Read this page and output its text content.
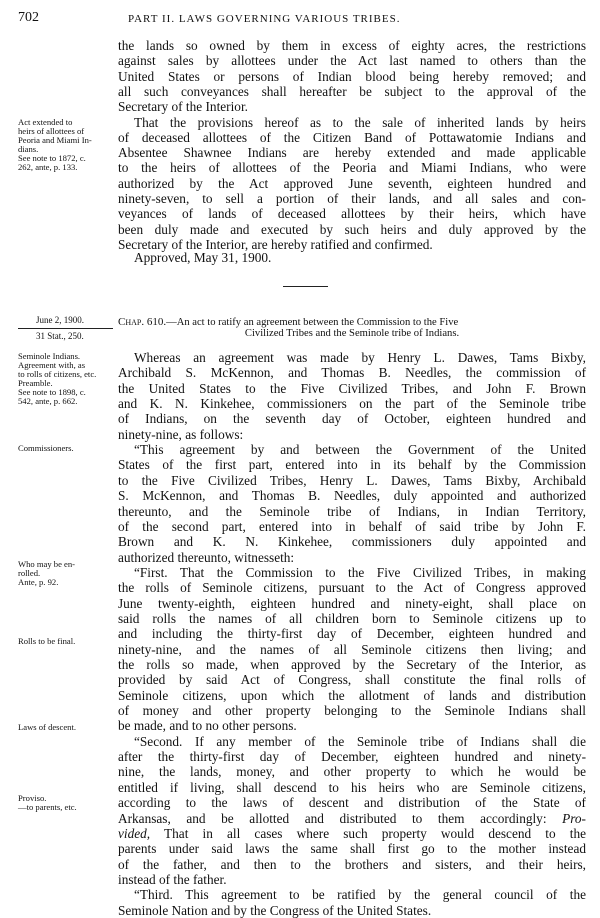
702	PART II. LAWS GOVERNING VARIOUS TRIBES.
the lands so owned by them in excess of eighty acres, the restrictions
against sales by allottees under the Act last named to others than the
United States or persons of Indian blood being hereby removed; and
all such conveyances shall hereafter be subject to the approval of the
Secretary of the Interior.
That the provisions hereof as to the sale of inherited lands by heirs
of deceased allottees of the Citizen Band of Pottawatomie Indians and
Absentee Shawnee Indians are hereby extended and made applicable
to the heirs of allottees of the Peoria and Miami Indians, who were
authorized by the Act approved June seventh, eighteen hundred and
ninety-seven, to sell a portion of their lands, and all sales and con-
veyances of lands of deceased allottees by their heirs, which have
been duly made and executed by such heirs and duly approved by the
Secretary of the Interior, are hereby ratified and confirmed.
Approved, May 31, 1900.
Act extended to
heirs of allottees of
Peoria and Miami In-
dians.
See note to 1872, c.
262, ante, p. 133.
June 2, 1900.
31 Stat., 250.
Chap. 610.—An act to ratify an agreement between the Commission to the Five
Civilized Tribes and the Seminole tribe of Indians.
Whereas an agreement was made by Henry L. Dawes, Tams Bixby,
Archibald S. McKennon, and Thomas B. Needles, the commission of
the United States to the Five Civilized Tribes, and John F. Brown
and K. N. Kinkehee, commissioners on the part of the Seminole tribe
of Indians, on the seventh day of October, eighteen hundred and
ninety-nine, as follows:
“This agreement by and between the Government of the United
States of the first part, entered into in its behalf by the Commission
to the Five Civilized Tribes, Henry L. Dawes, Tams Bixby, Archibald
S. McKennon, and Thomas B. Needles, duly appointed and authorized
thereunto, and the Seminole tribe of Indians, in Indian Territory,
of the second part, entered into in behalf of said tribe by John F.
Brown and K. N. Kinkehee, commissioners duly appointed and
authorized thereunto, witnesseth:
“First. That the Commission to the Five Civilized Tribes, in making
the rolls of Seminole citizens, pursuant to the Act of Congress approved
June twenty-eighth, eighteen hundred and ninety-eight, shall place on
said rolls the names of all children born to Seminole citizens up to
and including the thirty-first day of December, eighteen hundred and
ninety-nine, and the names of all Seminole citizens then living; and
the rolls so made, when approved by the Secretary of the Interior, as
provided by said Act of Congress, shall constitute the final rolls of
Seminole citizens, upon which the allotment of lands and distribution
of money and other property belonging to the Seminole Indians shall
be made, and to no other persons.
“Second. If any member of the Seminole tribe of Indians shall die
after the thirty-first day of December, eighteen hundred and ninety-
nine, the lands, money, and other property to which he would be
entitled if living, shall descend to his heirs who are Seminole citizens,
according to the laws of descent and distribution of the State of
Arkansas, and be allotted and distributed to them accordingly: Pro-
vided, That in all cases where such property would descend to the
parents under said laws the same shall first go to the mother instead
of the father, and then to the brothers and sisters, and their heirs,
instead of the father.
“Third. This agreement to be ratified by the general council of the
Seminole Nation and by the Congress of the United States.
Seminole Indians.
Agreement with, as
to rolls of citizens, etc.
Preamble.
See note to 1898, c.
542, ante, p. 662.
Commissioners.
Who may be en-
rolled.
Ante, p. 92.
Rolls to be final.
Laws of descent.
Proviso.
—to parents, etc.
